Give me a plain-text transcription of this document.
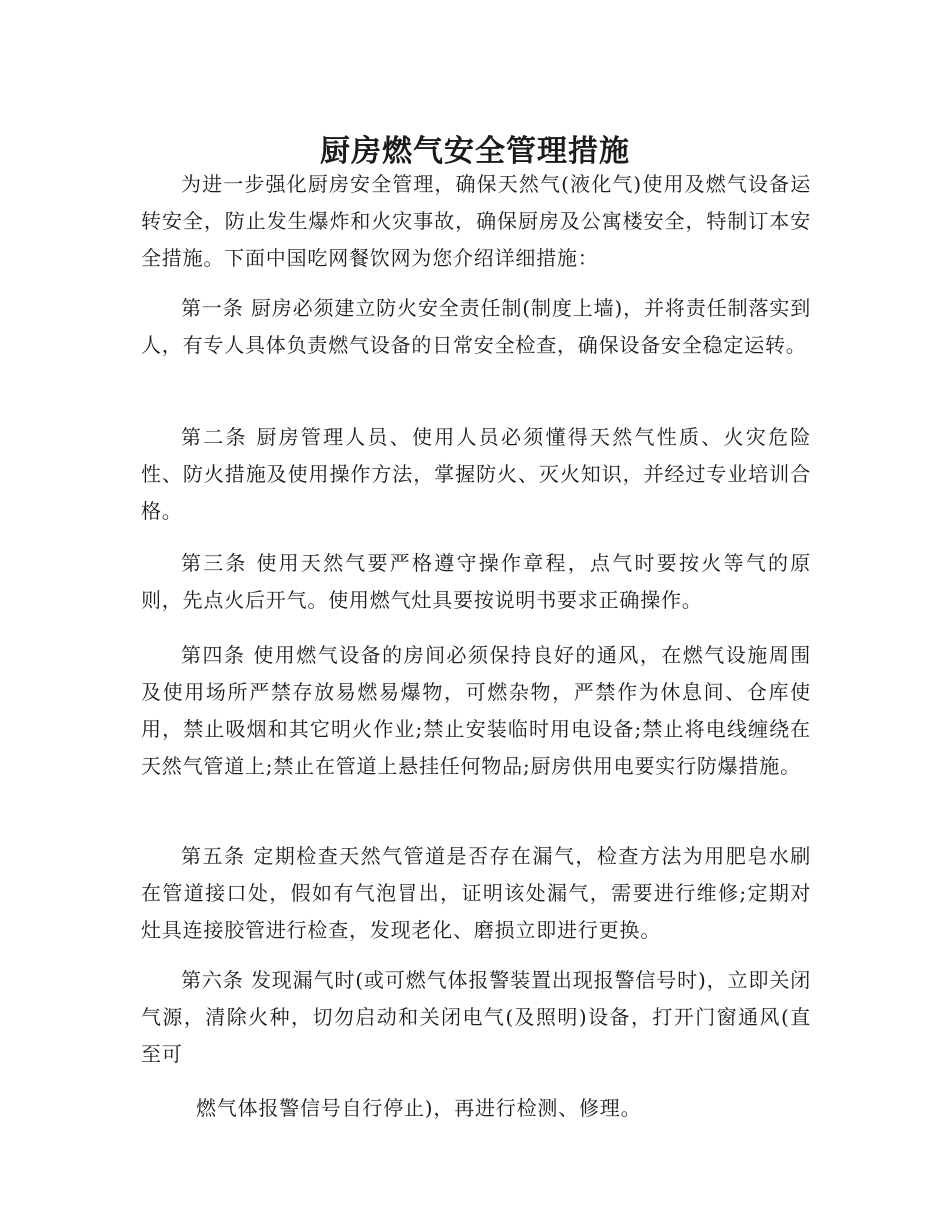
厨房燃气安全管理措施

为进一步强化厨房安全管理，确保天然气(液化气)使用及燃气设备运转安全，防止发生爆炸和火灾事故，确保厨房及公寓楼安全，特制订本安全措施。下面中国吃网餐饮网为您介绍详细措施：

第一条 厨房必须建立防火安全责任制(制度上墙)，并将责任制落实到人，有专人具体负责燃气设备的日常安全检查，确保设备安全稳定运转。

第二条 厨房管理人员、使用人员必须懂得天然气性质、火灾危险性、防火措施及使用操作方法，掌握防火、灭火知识，并经过专业培训合格。

第三条 使用天然气要严格遵守操作章程，点气时要按火等气的原则，先点火后开气。使用燃气灶具要按说明书要求正确操作。

第四条 使用燃气设备的房间必须保持良好的通风，在燃气设施周围及使用场所严禁存放易燃易爆物，可燃杂物，严禁作为休息间、仓库使用，禁止吸烟和其它明火作业;禁止安装临时用电设备;禁止将电线缠绕在天然气管道上;禁止在管道上悬挂任何物品;厨房供用电要实行防爆措施。

第五条 定期检查天然气管道是否存在漏气，检查方法为用肥皂水刷在管道接口处，假如有气泡冒出，证明该处漏气，需要进行维修;定期对灶具连接胶管进行检查，发现老化、磨损立即进行更换。

第六条 发现漏气时(或可燃气体报警装置出现报警信号时)，立即关闭气源，清除火种，切勿启动和关闭电气(及照明)设备，打开门窗通风(直至可

燃气体报警信号自行停止)，再进行检测、修理。
